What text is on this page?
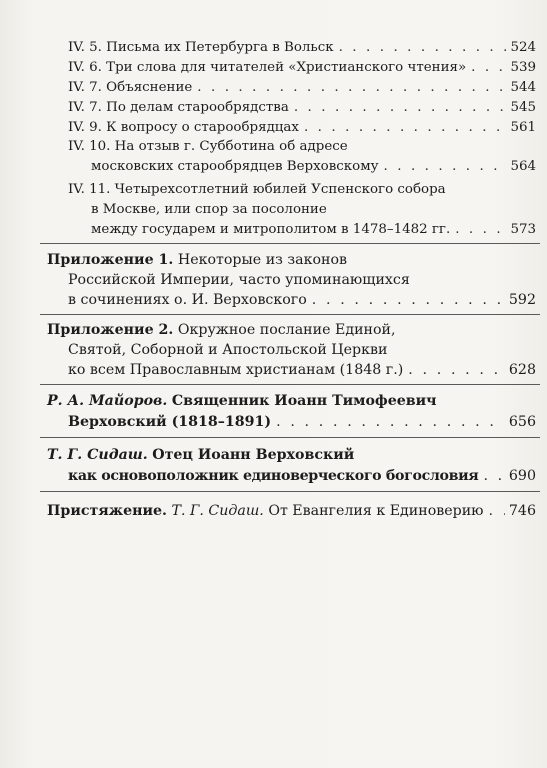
IV. 5. Письма их Петербурга в Вольск . . .	524
IV. 6. Три слова для читателей «Христианского чтения» . . .	539
IV. 7. Объяснение . . .	544
IV. 7. По делам старообрядства . . .	545
IV. 9. К вопросу о старообрядцах . . .	561
IV. 10. На отзыв г. Субботина об адресе
московских старообрядцев Верховскому . . .	564
IV. 11. Четырехсотлетний юбилей Успенского собора
в Москве, или спор за посолоние
между государем и митрополитом в 1478–1482 гг. . . .	573
Приложение 1. Некоторые из законов
Российской Империи, часто упоминающихся
в сочинениях о. И. Верховского . . .	592
Приложение 2. Окружное послание Единой,
Святой, Соборной и Апостольской Церкви
ко всем Православным христианам (1848 г.) . . .	628
Р. А. Майоров. Священник Иоанн Тимофеевич
Верховский (1818–1891) . . .	656
Т. Г. Сидаш. Отец Иоанн Верховский
как основоположник единоверческого богословия . . . 690
Пристяжение. Т. Г. Сидаш. От Евангелия к Единоверию . . . 746
